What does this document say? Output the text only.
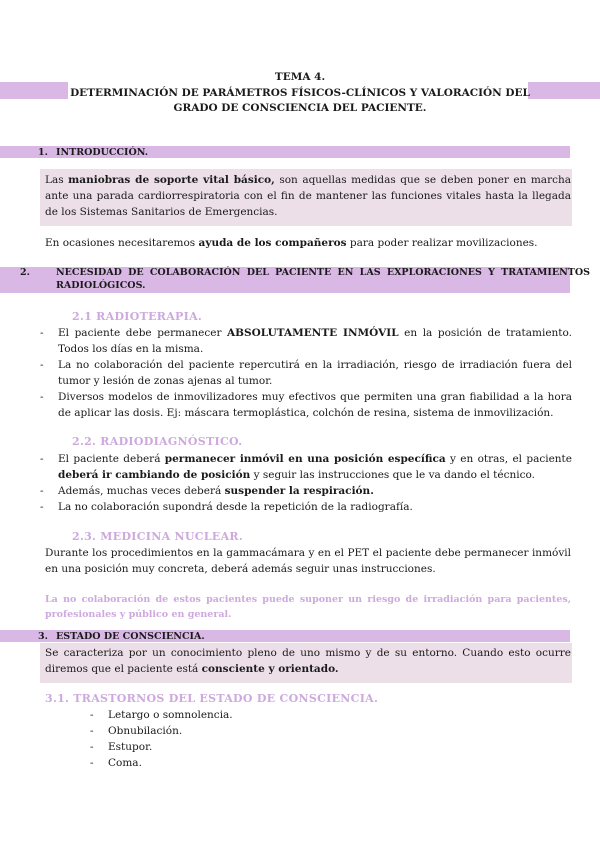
TEMA 4.
DETERMINACIÓN DE PARÁMETROS FÍSICOS-CLÍNICOS Y VALORACIÓN DEL
GRADO DE CONSCIENCIA DEL PACIENTE.
1. INTRODUCCIÓN.
Las maniobras de soporte vital básico, son aquellas medidas que se deben poner en marcha ante una parada cardiorrespiratoria con el fin de mantener las funciones vitales hasta la llegada de los Sistemas Sanitarios de Emergencias.
En ocasiones necesitaremos ayuda de los compañeros para poder realizar movilizaciones.
2.	NECESIDAD DE COLABORACIÓN DEL PACIENTE EN LAS EXPLORACIONES Y TRATAMIENTOS RADIOLÓGICOS.
2.1 RADIOTERAPIA.
- El paciente debe permanecer ABSOLUTAMENTE INMÓVIL en la posición de tratamiento. Todos los días en la misma.
- La no colaboración del paciente repercutirá en la irradiación, riesgo de irradiación fuera del tumor y lesión de zonas ajenas al tumor.
- Diversos modelos de inmovilizadores muy efectivos que permiten una gran fiabilidad a la hora de aplicar las dosis. Ej: máscara termoplástica, colchón de resina, sistema de inmovilización.
2.2. RADIODIAGNÓSTICO.
- El paciente deberá permanecer inmóvil en una posición específica y en otras, el paciente deberá ir cambiando de posición y seguir las instrucciones que le va dando el técnico.
- Además, muchas veces deberá suspender la respiración.
- La no colaboración supondrá desde la repetición de la radiografía.
2.3. MEDICINA NUCLEAR.
Durante los procedimientos en la gammacámara y en el PET el paciente debe permanecer inmóvil en una posición muy concreta, deberá además seguir unas instrucciones.
La no colaboración de estos pacientes puede suponer un riesgo de irradiación para pacientes, profesionales y público en general.
3. ESTADO DE CONSCIENCIA.
Se caracteriza por un conocimiento pleno de uno mismo y de su entorno. Cuando esto ocurre diremos que el paciente está consciente y orientado.
3.1. TRASTORNOS DEL ESTADO DE CONSCIENCIA.
- Letargo o somnolencia.
- Obnubilación.
- Estupor.
- Coma.
